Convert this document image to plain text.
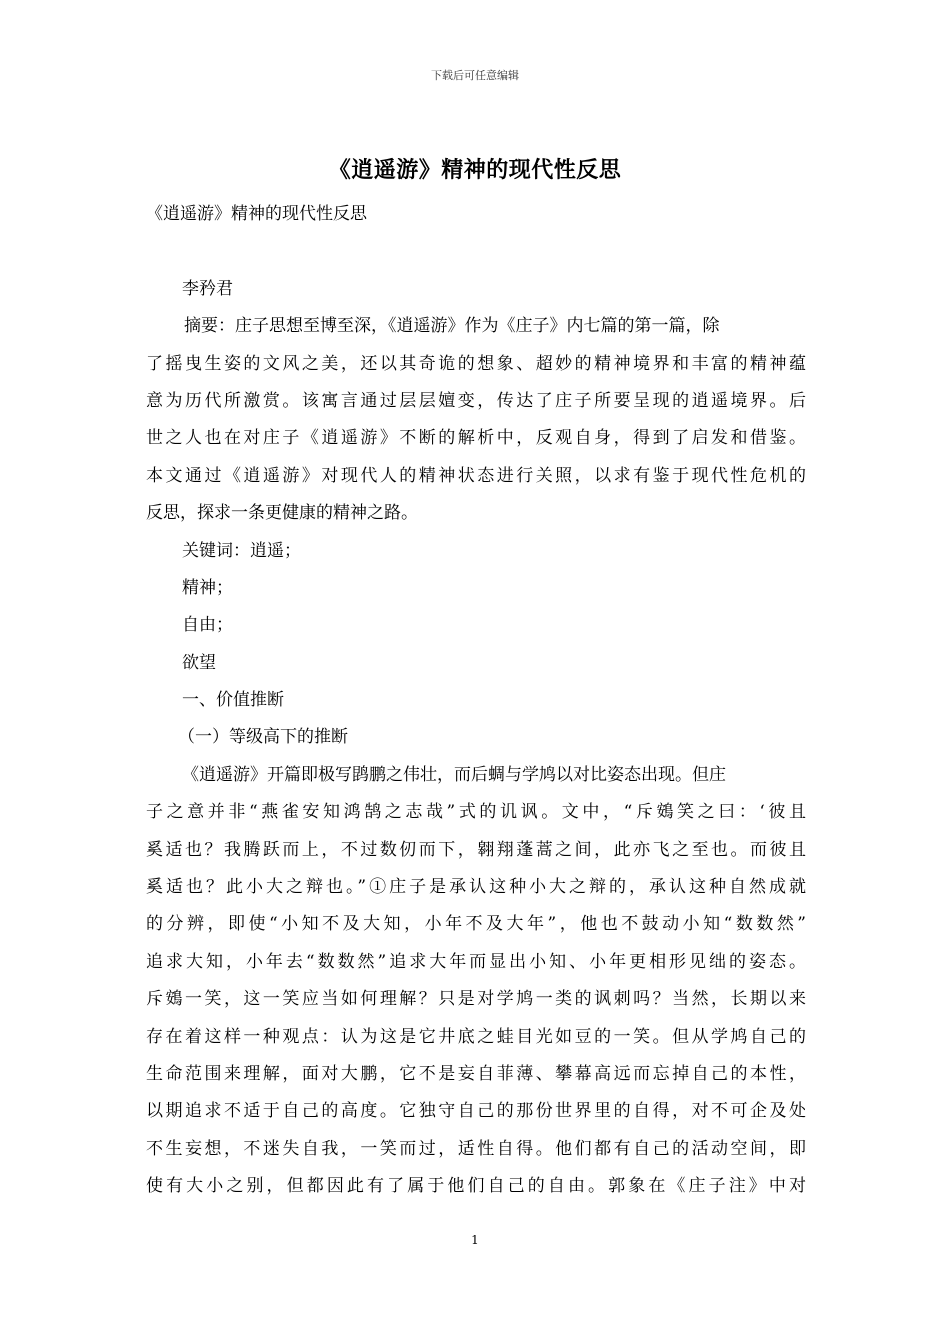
下载后可任意编辑
《逍遥游》精神的现代性反思
《逍遥游》精神的现代性反思
李矜君
摘要：庄子思想至博至深，《逍遥游》作为《庄子》内七篇的第一篇，除
了摇曳生姿的文风之美，还以其奇诡的想象、超妙的精神境界和丰富的精神蕴
意为历代所激赏。该寓言通过层层嬗变，传达了庄子所要呈现的逍遥境界。后
世之人也在对庄子《逍遥游》不断的解析中，反观自身，得到了启发和借鉴。
本文通过《逍遥游》对现代人的精神状态进行关照，以求有鉴于现代性危机的
反思，探求一条更健康的精神之路。
关键词：逍遥；
精神；
自由；
欲望
一、价值推断
（一）等级高下的推断
《逍遥游》开篇即极写鹍鹏之伟壮，而后蜩与学鸠以对比姿态出现。但庄
子之意并非“燕雀安知鸿鹄之志哉”式的讥讽。文中，“斥鴳笑之曰：‘彼且
奚适也？我腾跃而上，不过数仞而下，翱翔蓬蒿之间，此亦飞之至也。而彼且
奚适也？此小大之辩也。”①庄子是承认这种小大之辩的，承认这种自然成就
的分辨，即使“小知不及大知，小年不及大年”，他也不鼓动小知“数数然”
追求大知，小年去“数数然”追求大年而显出小知、小年更相形见绌的姿态。
斥鴳一笑，这一笑应当如何理解？只是对学鸠一类的讽刺吗？当然，长期以来
存在着这样一种观点：认为这是它井底之蛙目光如豆的一笑。但从学鸠自己的
生命范围来理解，面对大鹏，它不是妄自菲薄、攀幕高远而忘掉自己的本性，
以期追求不适于自己的高度。它独守自己的那份世界里的自得，对不可企及处
不生妄想，不迷失自我，一笑而过，适性自得。他们都有自己的活动空间，即
使有大小之别，但都因此有了属于他们自己的自由。郭象在《庄子注》中对
1
